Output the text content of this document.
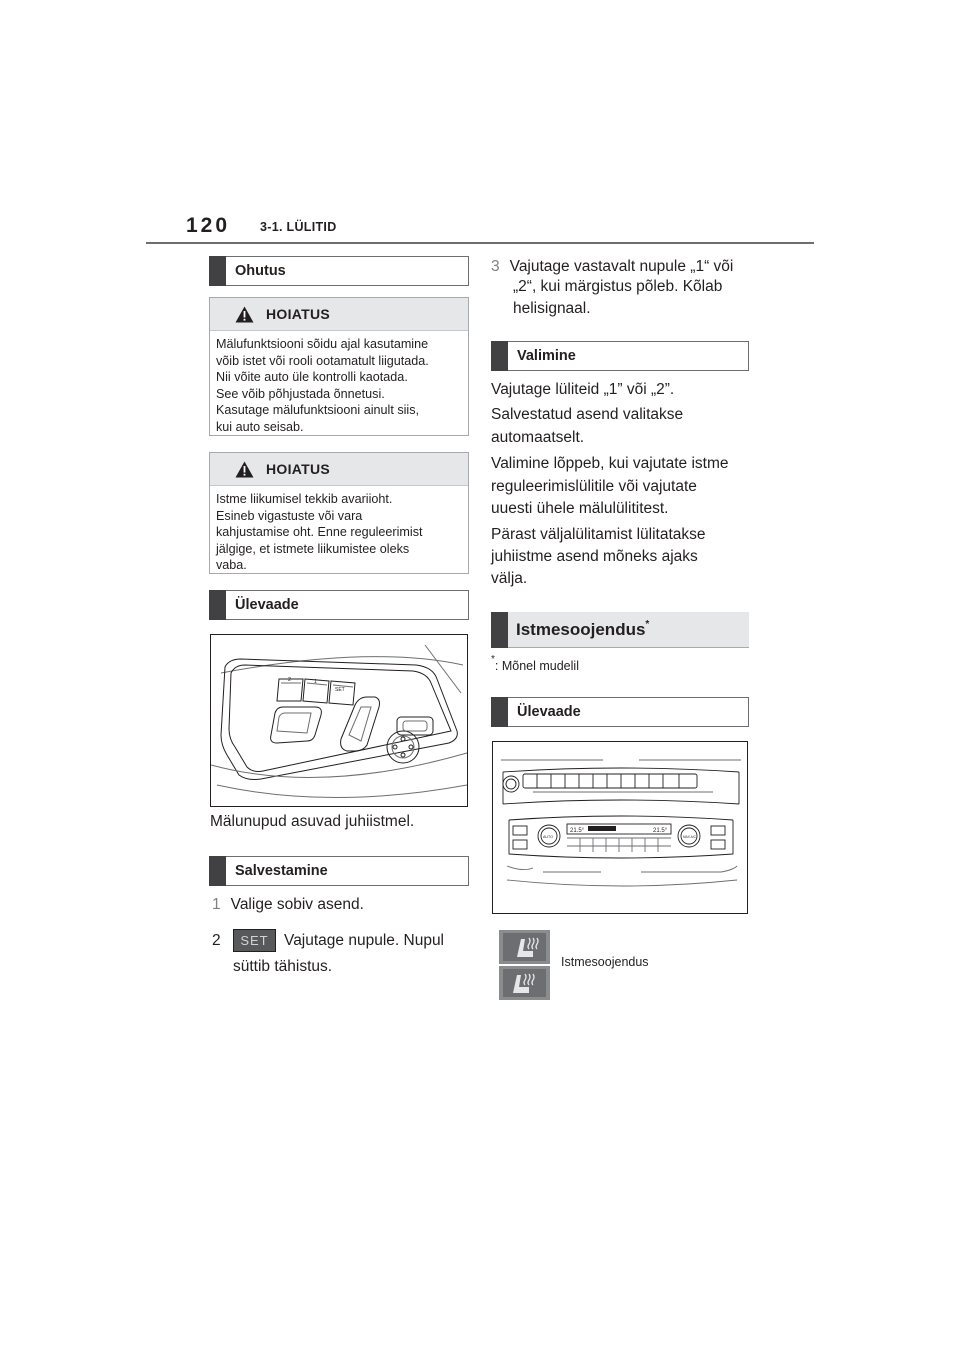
120 3-1. LÜLITID
Ohutus
HOIATUS
Mälufunktsiooni sõidu ajal kasutamine
võib istet või rooli ootamatult liigutada.
Nii võite auto üle kontrolli kaotada.
See võib põhjustada õnnetusi.
Kasutage mälufunktsiooni ainult siis,
kui auto seisab.
HOIATUS
Istme liikumisel tekkib avariioht.
Esineb vigastuste või vara
kahjustamise oht. Enne reguleerimist
jälgige, et istmete liikumistee oleks
vaba.
Ülevaade
2	1
SET
Mälunupud asuvad juhiistmel.
Salvestamine
1 Valige sobiv asend.
2	SET Vajutage nupule. Nupul
süttib tähistus.
3 Vajutage vastavalt nupule „1“ või
„2“, kui märgistus põleb. Kõlab
helisignaal.
Valimine
Vajutage lüliteid „1” või „2”.
Salvestatud asend valitakse
automaatselt.
Valimine lõppeb, kui vajutate istme
reguleerimislülitile või vajutate
uuesti ühele mälulülititest.
Pärast väljalülitamist lülitatakse
juhiistme asend mõneks ajaks
välja.
Istmesoojendus*
*: Mõnel mudelil
Ülevaade
21.5°	21.5°
AUTO	MAX A/C
Istmesoojendus
